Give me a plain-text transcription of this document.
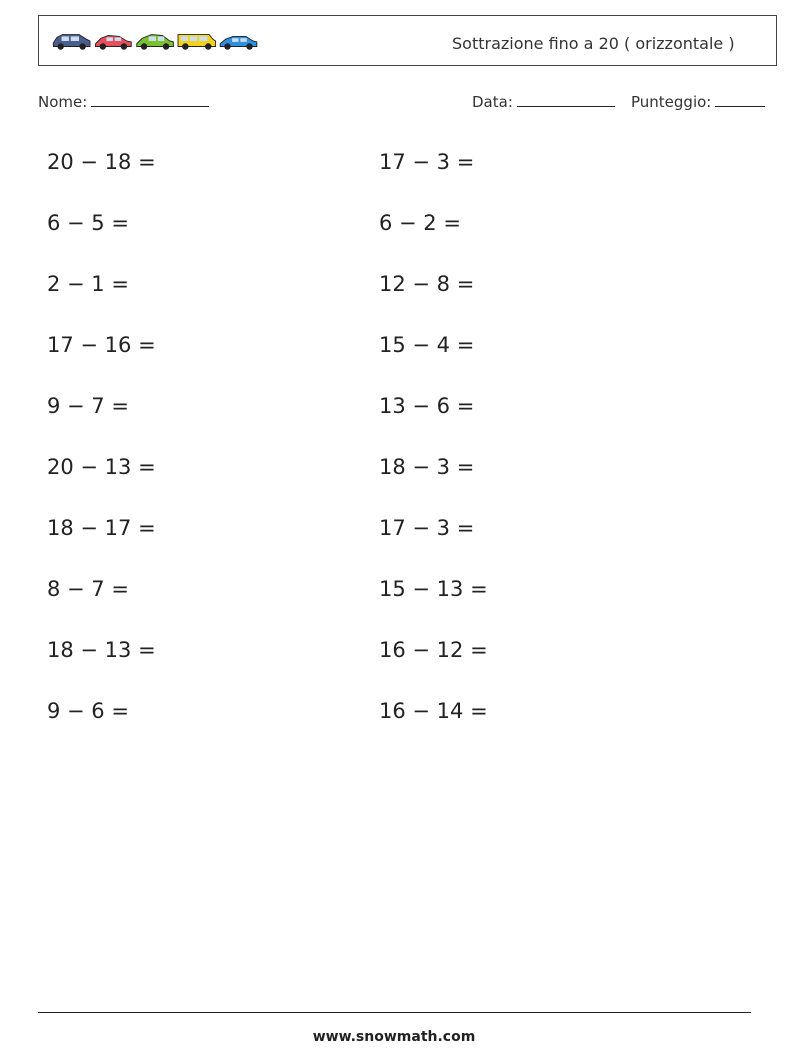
Sottrazione fino a 20 ( orizzontale )
Nome:	Data:	Punteggio:
20 − 18 =
6 − 5 =
2 − 1 =
17 − 16 =
9 − 7 =
20 − 13 =
18 − 17 =
8 − 7 =
18 − 13 =
9 − 6 =
17 − 3 =
6 − 2 =
12 − 8 =
15 − 4 =
13 − 6 =
18 − 3 =
17 − 3 =
15 − 13 =
16 − 12 =
16 − 14 =
www.snowmath.com
